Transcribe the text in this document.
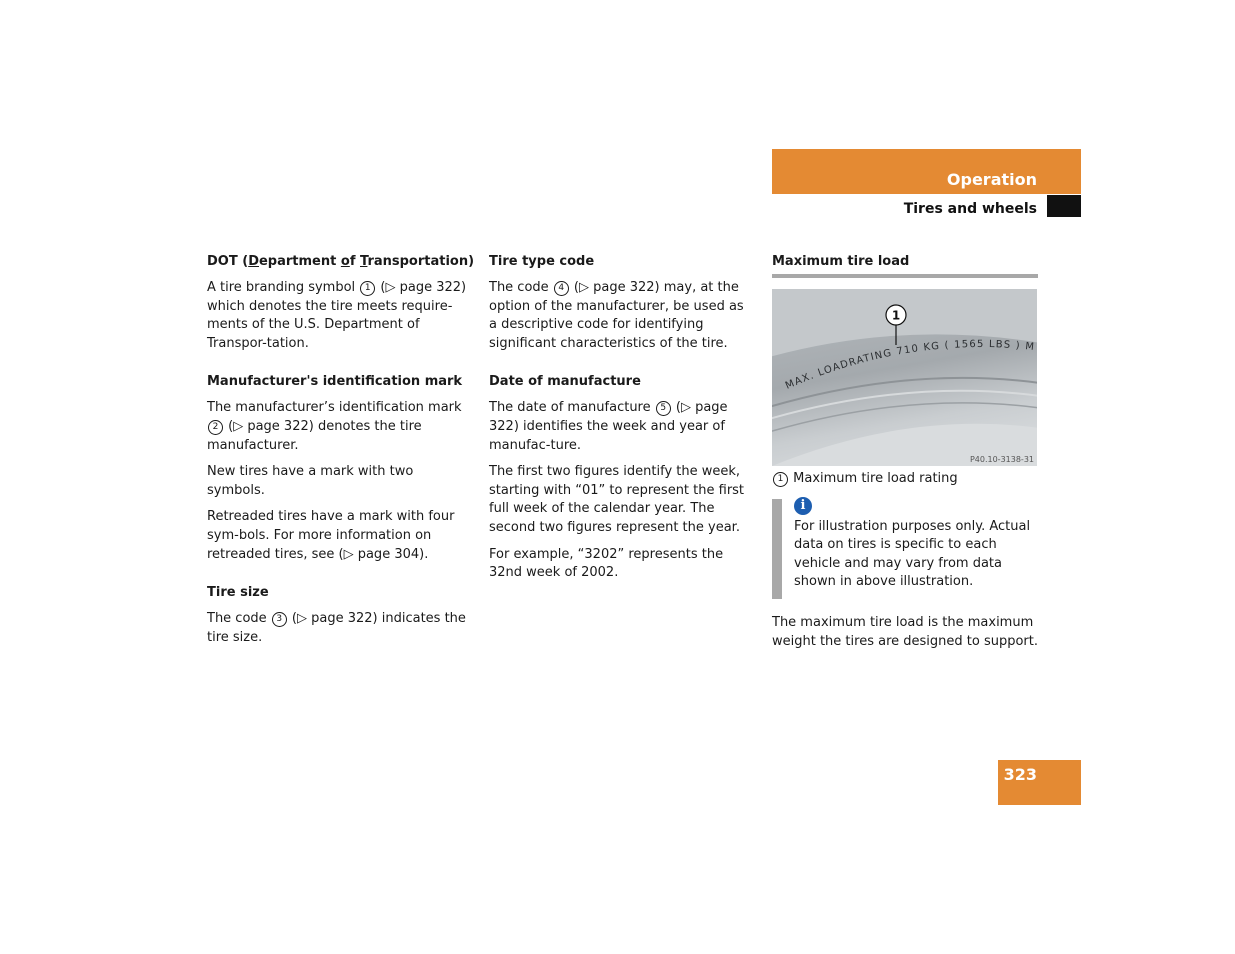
Operation
Tires and wheels
DOT (Department of Transportation)

A tire branding symbol 1 (▷ page 322) which denotes the tire meets require-ments of the U.S. Department of Transpor-tation.

Manufacturer's identification mark

The manufacturer’s identification mark 2 (▷ page 322) denotes the tire manufacturer.

New tires have a mark with two symbols.

Retreaded tires have a mark with four sym-bols. For more information on retreaded tires, see (▷ page 304).

Tire size

The code 3 (▷ page 322) indicates the tire size.

Tire type code

The code 4 (▷ page 322) may, at the option of the manufacturer, be used as a descriptive code for identifying significant characteristics of the tire.

Date of manufacture

The date of manufacture 5 (▷ page 322) identifies the week and year of manufac-ture.

The first two figures identify the week, starting with “01” to represent the first full week of the calendar year. The second two figures represent the year.

For example, “3202” represents the 32nd week of 2002.

Maximum tire load
MAX. LOADRATING 710 KG ( 1565 LBS ) M
1
P40.10-3138-31

1 Maximum tire load rating

i
For illustration purposes only. Actual data on tires is specific to each vehicle and may vary from data shown in above illustration.

The maximum tire load is the maximum weight the tires are designed to support.

323
